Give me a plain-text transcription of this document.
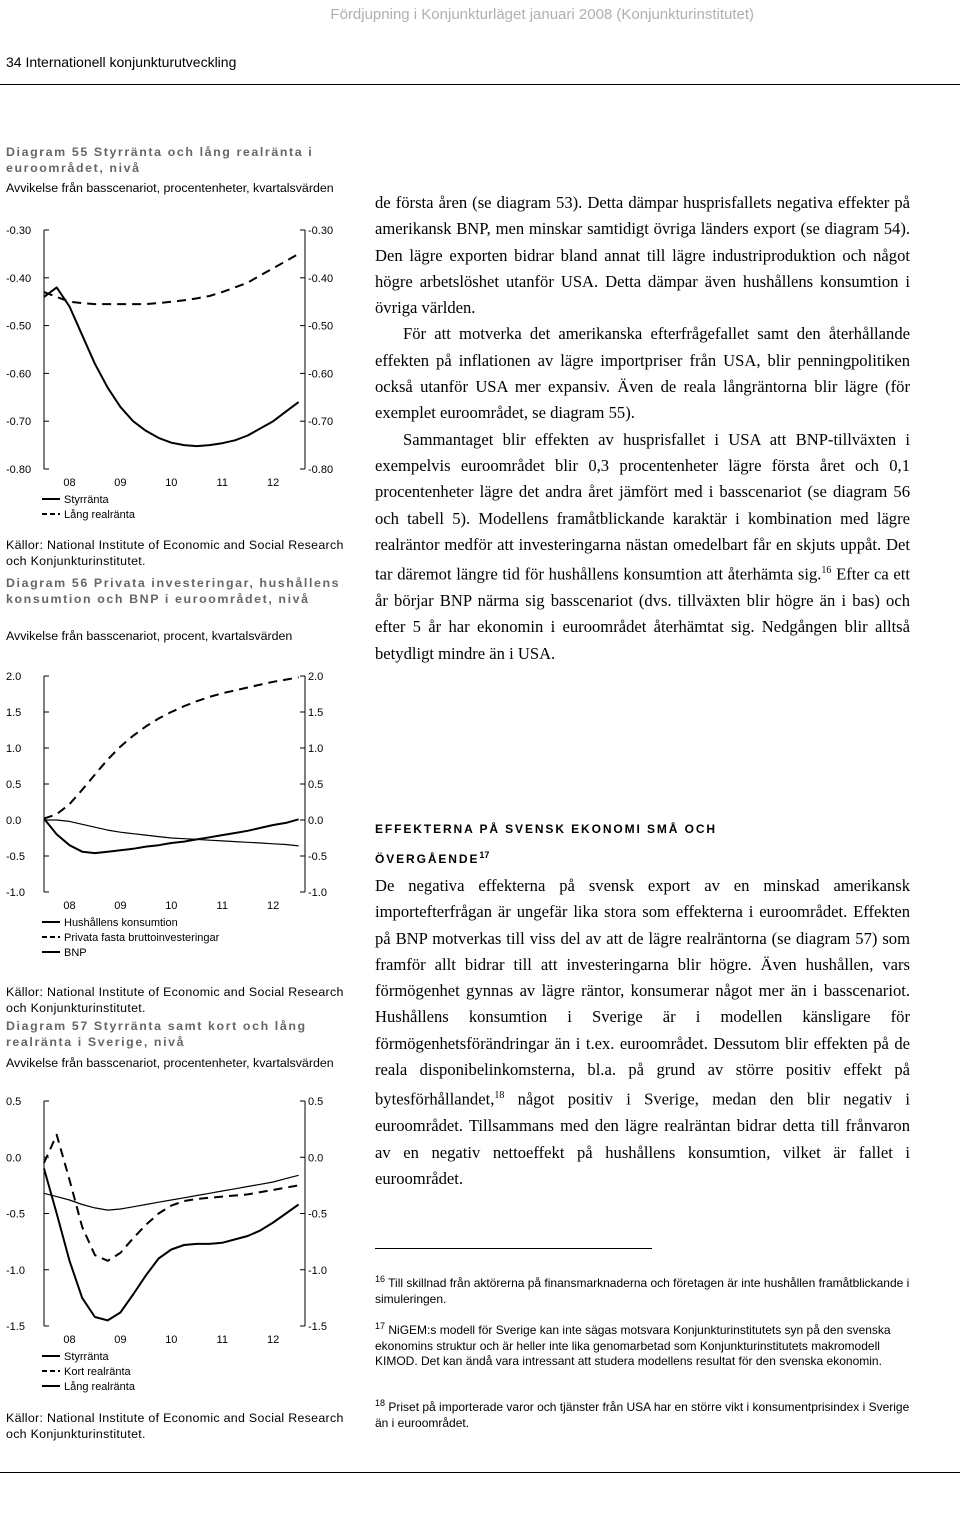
Fördjupning i Konjunkturläget januari 2008 (Konjunkturinstitutet)
34 Internationell konjunkturutveckling
Diagram 55 Styrränta och lång realränta i euroområdet, nivå
Avvikelse från basscenariot, procentenheter, kvartalsvärden
-0.30	-0.30
-0.40	-0.40
-0.50	-0.50
-0.60	-0.60
-0.70	-0.70
-0.80	-0.80
08	09	10	11	12
Styrränta
Lång realränta
Källor: National Institute of Economic and Social Research och Konjunkturinstitutet.
Diagram 56 Privata investeringar, hushållens konsumtion och BNP i euroområdet, nivå
Avvikelse från basscenariot, procent, kvartalsvärden
2.0	2.0
1.5	1.5
1.0	1.0
0.5	0.5
0.0	0.0
-0.5	-0.5
-1.0	-1.0
08	09	10	11	12
Hushållens konsumtion
Privata fasta bruttoinvesteringar
BNP
Källor: National Institute of Economic and Social Research och Konjunkturinstitutet.
Diagram 57 Styrränta samt kort och lång realränta i Sverige, nivå
Avvikelse från basscenariot, procentenheter, kvartalsvärden
0.5	0.5
0.0	0.0
-0.5	-0.5
-1.0	-1.0
-1.5	-1.5
08	09	10	11	12
Styrränta
Kort realränta
Lång realränta
Källor: National Institute of Economic and Social Research och Konjunkturinstitutet.

de första åren (se diagram 53). Detta dämpar husprisfallets negativa effekter på amerikansk BNP, men minskar samtidigt övriga länders export (se diagram 54). Den lägre exporten bidrar bland annat till lägre industriproduktion och något högre arbetslöshet utanför USA. Detta dämpar även hushållens konsumtion i övriga världen.

För att motverka det amerikanska efterfrågefallet samt den återhållande effekten på inflationen av lägre importpriser från USA, blir penningpolitiken också utanför USA mer expansiv. Även de reala långräntorna blir lägre (för exemplet euroområdet, se diagram 55).

Sammantaget blir effekten av husprisfallet i USA att BNP-tillväxten i exempelvis euroområdet blir 0,3 procentenheter lägre första året och 0,1 procentenheter lägre det andra året jämfört med i basscenariot (se diagram 56 och tabell 5). Modellens framåtblickande karaktär i kombination med lägre realräntor medför att investeringarna nästan omedelbart får en skjuts uppåt. Det tar däremot längre tid för hushållens konsumtion att återhämta sig.$^{16}$ Efter ca ett år börjar BNP närma sig basscenariot (dvs. tillväxten blir högre än i bas) och efter 5 år har ekonomin i euroområdet återhämtat sig. Nedgången blir alltså betydligt mindre än i USA.

EFFEKTERNA PÅ SVENSK EKONOMI SMÅ OCH ÖVERGÅENDE$^{17}$

De negativa effekterna på svensk export av en minskad amerikansk importefterfrågan är ungefär lika stora som effekterna i euroområdet. Effekten på BNP motverkas till viss del av att de lägre realräntorna (se diagram 57) som framför allt bidrar till att investeringarna blir högre. Även hushållen, vars förmögenhet gynnas av lägre räntor, konsumerar något mer än i basscenariot. Hushållens konsumtion i Sverige är i modellen känsligare för förmögenhetsförändringar än i t.ex. euroområdet. Dessutom blir effekten på de reala disponibelinkomsterna, bl.a. på grund av större positiv effekt på bytesförhållandet,$^{18}$ något positiv i Sverige, medan den blir negativ i euroområdet. Tillsammans med den lägre realräntan bidrar detta till frånvaron av en negativ nettoeffekt på hushållens konsumtion, vilket är fallet i euroområdet.

$^{16}$ Till skillnad från aktörerna på finansmarknaderna och företagen är inte hushållen framåtblickande i simuleringen.
$^{17}$ NiGEM:s modell för Sverige kan inte sägas motsvara Konjunkturinstitutets syn på den svenska ekonomins struktur och är heller inte lika genomarbetad som Konjunkturinstitutets makromodell KIMOD. Det kan ändå vara intressant att studera modellens resultat för den svenska ekonomin.
$^{18}$ Priset på importerade varor och tjänster från USA har en större vikt i konsumentprisindex i Sverige än i euroområdet.
